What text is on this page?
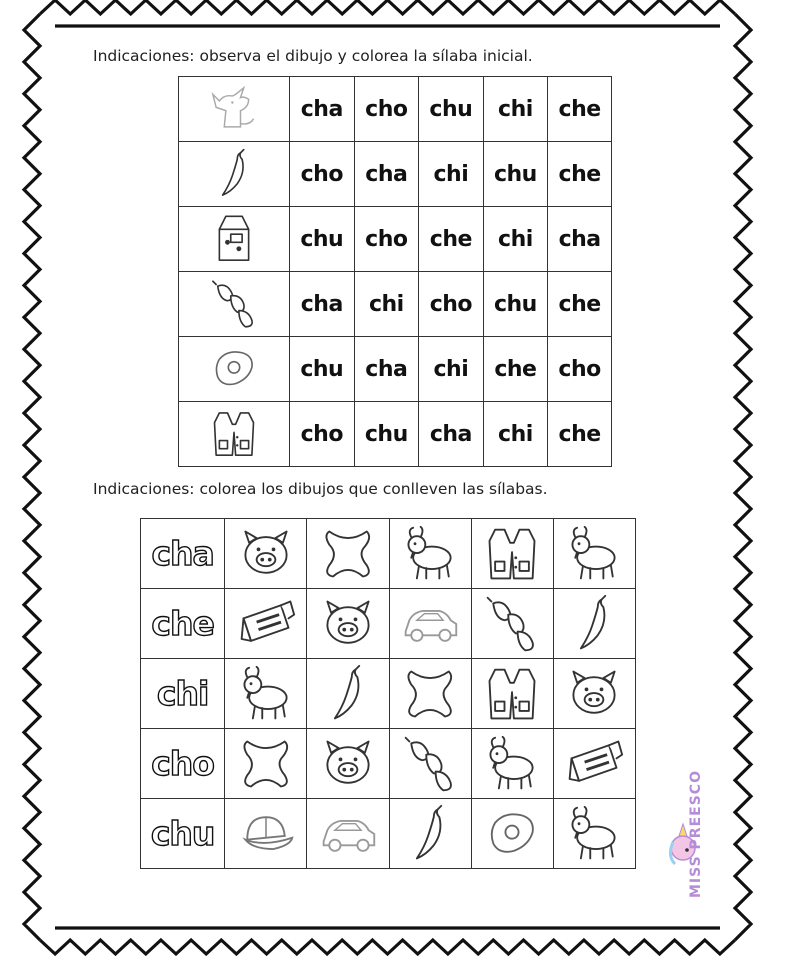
Indicaciones: observa el dibujo y colorea la sílaba inicial.
	cha	cho	chu	chi	che

	cho	cha	chi	chu	che

	chu	cho	che	chi	cha

	cha	chi	cho	chu	che

	chu	cha	chi	che	cho

	cho	chu	cha	chi	che
Indicaciones: colorea los dibujos que conlleven las sílabas.
cha	

che	

chi	

cho	

chu	

		MISS PREESCO
